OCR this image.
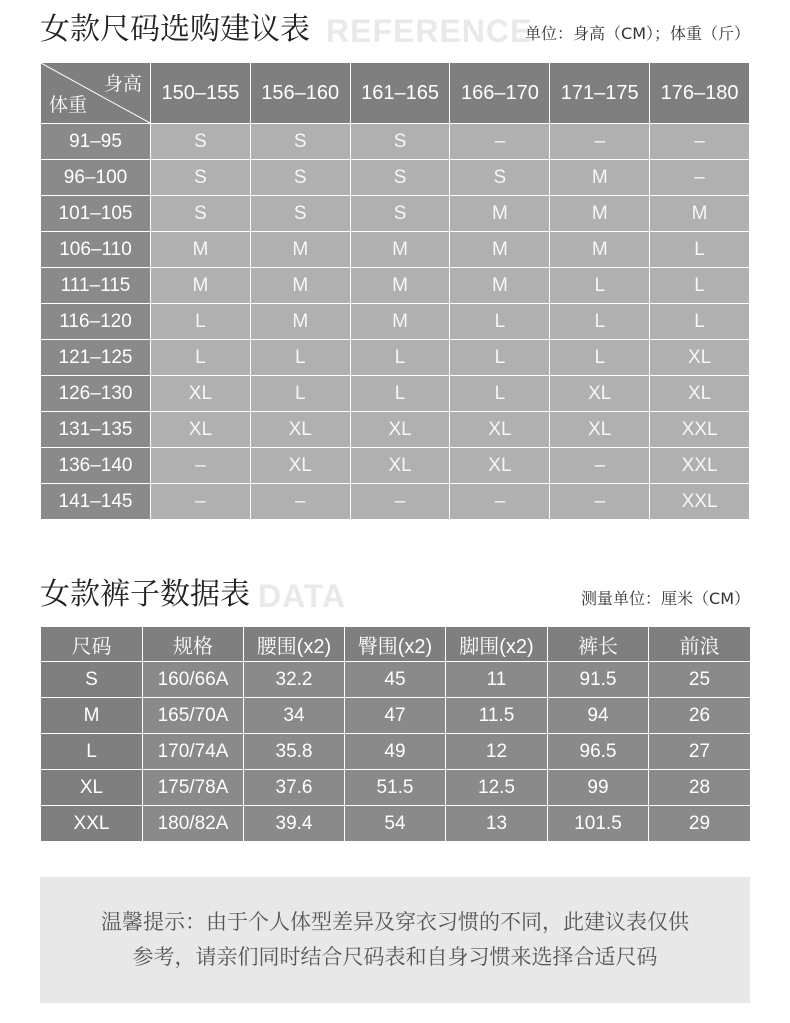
女款尺码选购建议表 REFERENCE
单位：身高（CM）；体重（斤）
身高
体重	150–155	156–160	161–165	166–170	171–175	176–180
91–95	S	S	S	–	–	–
96–100	S	S	S	S	M	–
101–105	S	S	S	M	M	M
106–110	M	M	M	M	M	L
111–115	M	M	M	M	L	L
116–120	L	M	M	L	L	L
121–125	L	L	L	L	L	XL
126–130	XL	L	L	L	XL	XL
131–135	XL	XL	XL	XL	XL	XXL
136–140	–	XL	XL	XL	–	XXL
141–145	–	–	–	–	–	XXL
女款裤子数据表 DATA	测量单位：厘米（CM）
尺码	规格	腰围(x2)	臀围(x2)	脚围(x2)	裤长	前浪
S	160/66A	32.2	45	11	91.5	25
M	165/70A	34	47	11.5	94	26
L	170/74A	35.8	49	12	96.5	27
XL	175/78A	37.6	51.5	12.5	99	28
XXL	180/82A	39.4	54	13	101.5	29
温馨提示：由于个人体型差异及穿衣习惯的不同，此建议表仅供
参考，请亲们同时结合尺码表和自身习惯来选择合适尺码
